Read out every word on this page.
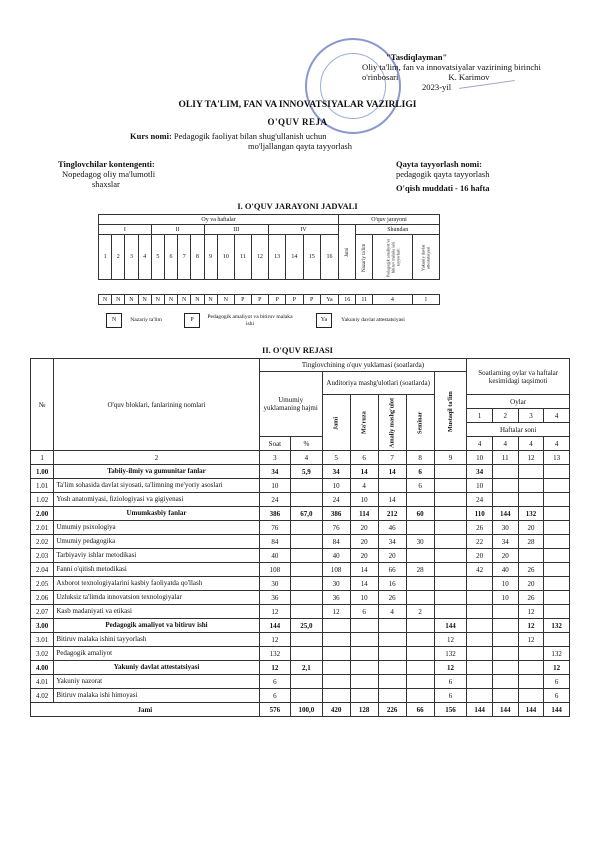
"Tasdiqlayman"
Oliy ta'lim, fan va innovatsiyalar vazirining birinchi
o'rinbosari	K. Karimov
2023-yil
OLIY TA'LIM, FAN VA INNOVATSIYALAR VAZIRLIGI
O'QUV REJA
Kurs nomi: Pedagogik faoliyat bilan shug'ullanish uchun
mo'ljallangan qayta tayyorlash
Tinglovchilar kontengenti:
Nopedagog oliy ma'lumotli
shaxslar
Qayta tayyorlash nomi:
pedagogik qayta tayyorlash
O'qish muddati - 16 hafta
I. O'QUV JARAYONI JADVALI
Oy va haftalar																O'quv jarayoni			
I				II				III				IV				Jami	Shundan		
1	2	3	4	5	6	7	8	9	10	11	12	13	14	15	16		Nazariy ta'lim	Pedagogik amaliyot va bitiruv malaka ishi tayyorlash	Yakuniy davlat attestatsiyasi

N	N	N	N	N	N	N	N	N	N	P	P	P	P	P	Ya	16	11	4	1
N	Nazariy ta'lim	P Pedagogik amaliyot va bitiruv malaka ishi
Ya Yakuniy davlat attestatsiyasi
II. O'QUV REJASI
№	O'quv bloklari, fanlarining nomlari	Tinglovchining o'quv yuklamasi (soatlarda)							Soatlarning oylar va haftalar kesimidagi taqsimoti			
		Umumiy yuklamaning hajmi		Auditoriya mashg'ulotlari (soatlarda)				Mustaqil ta'lim				
				Jami	Ma'ruza	Amaliy mashg'ulot	Seminar					
									Oylar			
									1	2	3	4
									Haftalar soni			
		Soat	%						4	4	4	4
1	2	3	4	5	6	7	8	9	10	11	12	13
1.00	Tabiiy-ilmiy va gumunitar fanlar	34	5,9	34	14	14	6		34			
1.01	Ta'lim sohasida davlat siyosati, ta'limning me'yoriy asoslari	10		10	4		6		10			
1.02	Yosh anatomiyasi, fiziologiyasi va gigiyenasi	24		24	10	14			24			
2.00	Umumkasbiy fanlar	386	67,0	386	114	212	60		110	144	132	
2.01	Umumiy psixologiya	76		76	20	46			26	30	20	
2.02	Umumiy pedagogika	84		84	20	34	30		22	34	28	
2.03	Tarbiyaviy ishlar metodikasi	40		40	20	20			20	20		
2.04	Fanni o'qitish metodikasi	108		108	14	66	28		42	40	26	
2.05	Axborot texnologiyalarini kasbiy faoliyatda qo'llash	30		30	14	16				10	20	
2.06	Uzluksiz ta'limda innovatsion texnologiyalar	36		36	10	26				10	26	
2.07	Kasb madaniyati va etikasi	12		12	6	4	2				12	
3.00	Pedagogik amaliyot va bitiruv ishi	144	25,0					144			12	132
3.01	Bitiruv malaka ishini tayyorlash	12						12			12	
3.02	Pedagogik amaliyot	132						132				132
4.00	Yakuniy davlat attestatsiyasi	12	2,1					12				12
4.01	Yakuniy nazorat	6						6				6
4.02	Bitiruv malaka ishi himoyasi	6						6				6
Jami		576	100,0	420	128	226	66	156	144	144	144	144
